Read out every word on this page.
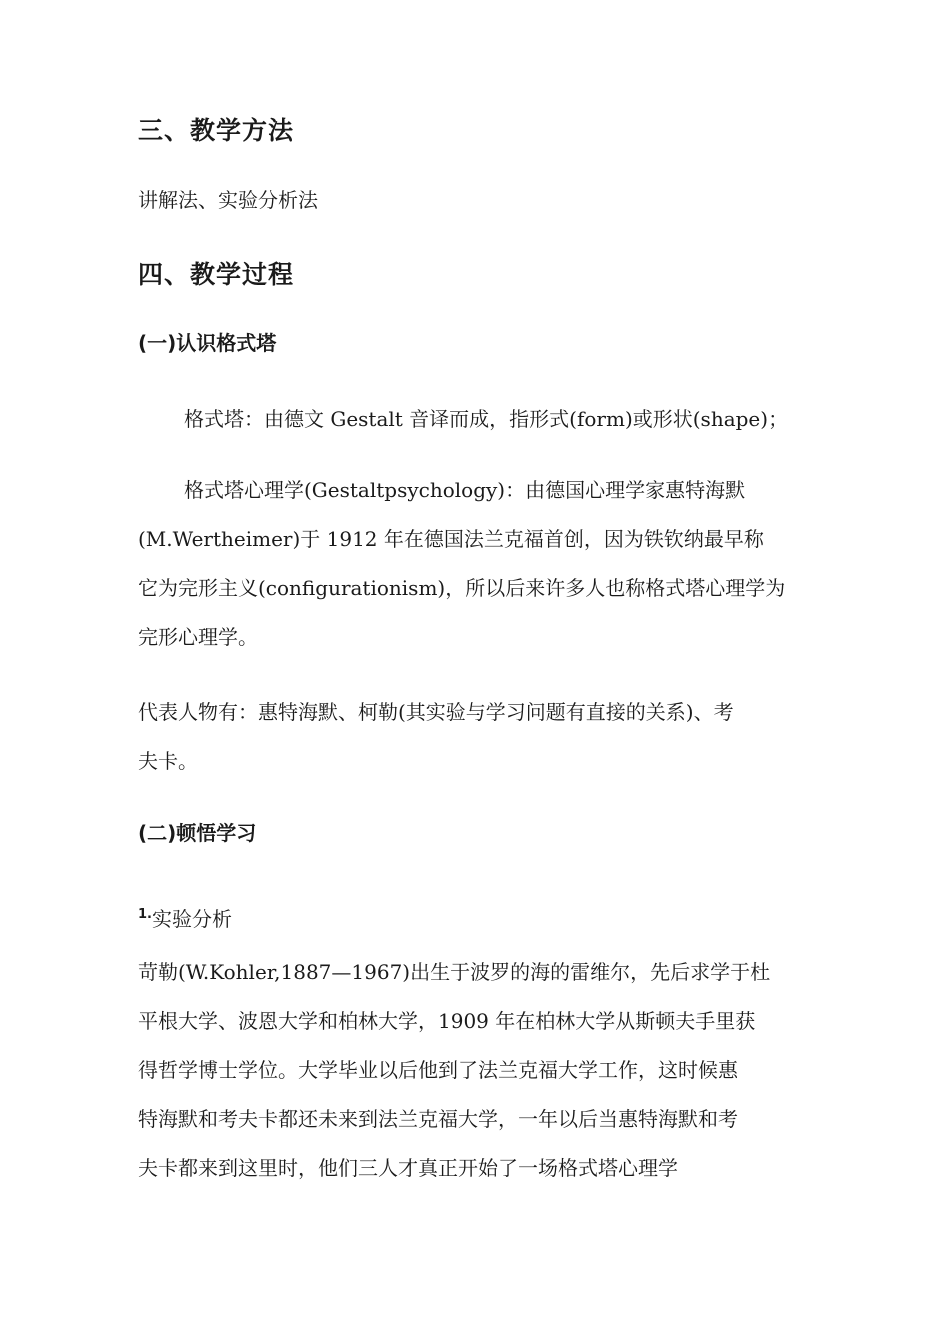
三、教学方法

讲解法、实验分析法

四、教学过程
(一)认识格式塔

格式塔：由德文 Gestalt 音译而成，指形式(form)或形状(shape)；

格式塔心理学(Gestaltpsychology)：由德国心理学家惠特海默
(M.Wertheimer)于 1912 年在德国法兰克福首创，因为铁钦纳最早称
它为完形主义(configurationism)，所以后来许多人也称格式塔心理学为
完形心理学。
代表人物有：惠特海默、柯勒(其实验与学习问题有直接的关系)、考
夫卡。
(二)顿悟学习

$^{1.}$实验分析

苛勒(W.Kohler,1887—1967)出生于波罗的海的雷维尔，先后求学于杜
平根大学、波恩大学和柏林大学，1909 年在柏林大学从斯顿夫手里获
得哲学博士学位。大学毕业以后他到了法兰克福大学工作，这时候惠
特海默和考夫卡都还未来到法兰克福大学，一年以后当惠特海默和考
夫卡都来到这里时，他们三人才真正开始了一场格式塔心理学
